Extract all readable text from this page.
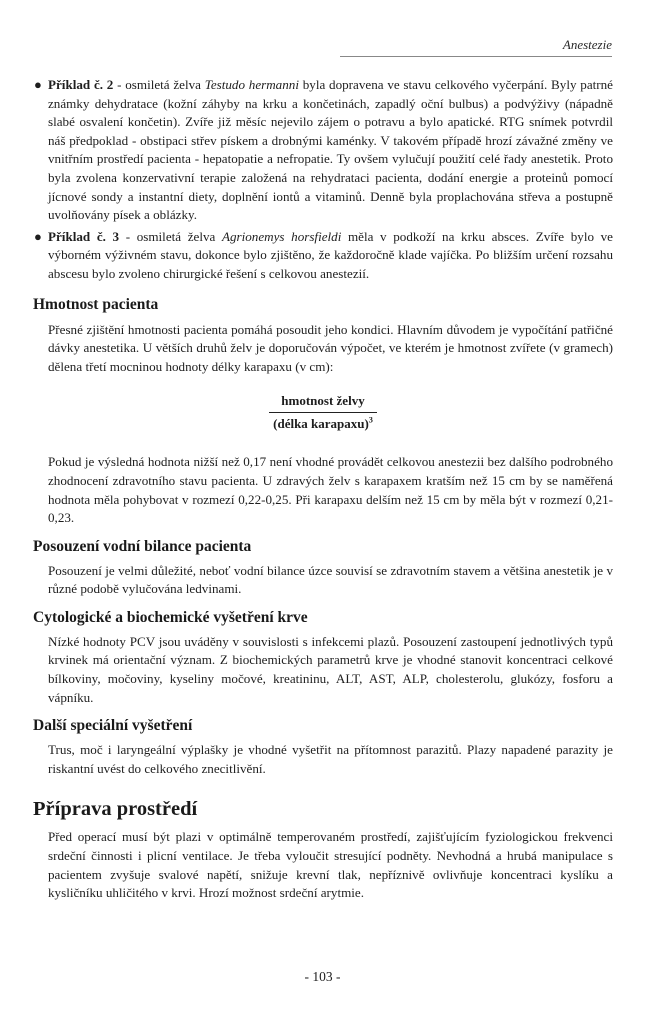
Anestezie
● Příklad č. 2 - osmiletá želva Testudo hermanni byla dopravena ve stavu celkového vyčerpání. Byly patrné známky dehydratace (kožní záhyby na krku a končetinách, zapadlý oční bulbus) a podvýživy (nápadně slabé osvalení končetin). Zvíře již měsíc nejevilo zájem o potravu a bylo apatické. RTG snímek potvrdil náš předpoklad - obstipaci střev pískem a drobnými kaménky. V takovém případě hrozí závažné změny ve vnitřním prostředí pacienta - hepatopatie a nefropatie. Ty ovšem vylučují použití celé řady anestetik. Proto byla zvolena konzervativní terapie založená na rehydrataci pacienta, dodání energie a proteinů pomocí jícnové sondy a instantní diety, doplnění iontů a vitaminů. Denně byla proplachována střeva a postupně uvolňovány písek a oblázky.
● Příklad č. 3 - osmiletá želva Agrionemys horsfieldi měla v podkoží na krku absces. Zvíře bylo ve výborném výživném stavu, dokonce bylo zjištěno, že každoročně klade vajíčka. Po bližším určení rozsahu abscesu bylo zvoleno chirurgické řešení s celkovou anestezií.
Hmotnost pacienta

Přesné zjištění hmotnosti pacienta pomáhá posoudit jeho kondici. Hlavním důvodem je vypočítání patřičné dávky anestetika. U větších druhů želv je doporučován výpočet, ve kterém je hmotnost zvířete (v gramech) dělena třetí mocninou hodnoty délky karapaxu (v cm):

$\frac{\text{hmotnost želvy}}{(délka karapaxu)^3}$

Pokud je výsledná hodnota nižší než 0,17 není vhodné provádět celkovou anestezii bez dalšího podrobného zhodnocení zdravotního stavu pacienta. U zdravých želv s karapaxem kratším než 15 cm by se naměřená hodnota měla pohybovat v rozmezí 0,22-0,25. Při karapaxu delším než 15 cm by měla být v rozmezí 0,21-0,23.

Posouzení vodní bilance pacienta

Posouzení je velmi důležité, neboť vodní bilance úzce souvisí se zdravotním stavem a většina anestetik je v různé podobě vylučována ledvinami.

Cytologické a biochemické vyšetření krve

Nízké hodnoty PCV jsou uváděny v souvislosti s infekcemi plazů. Posouzení zastoupení jednotlivých typů krvinek má orientační význam. Z biochemických parametrů krve je vhodné stanovit koncentraci celkové bílkoviny, močoviny, kyseliny močové, kreatininu, ALT, AST, ALP, cholesterolu, glukózy, fosforu a vápníku.

Další speciální vyšetření

Trus, moč i laryngeální výplašky je vhodné vyšetřit na přítomnost parazitů. Plazy napadené parazity je riskantní uvést do celkového znecitlivění.

Příprava prostředí

Před operací musí být plazi v optimálně temperovaném prostředí, zajišťujícím fyziologickou frekvenci srdeční činnosti i plicní ventilace. Je třeba vyloučit stresující podněty. Nevhodná a hrubá manipulace s pacientem zvyšuje svalové napětí, snižuje krevní tlak, nepříznivě ovlivňuje koncentraci kyslíku a kysličníku uhličitého v krvi. Hrozí možnost srdeční arytmie.

- 103 -
